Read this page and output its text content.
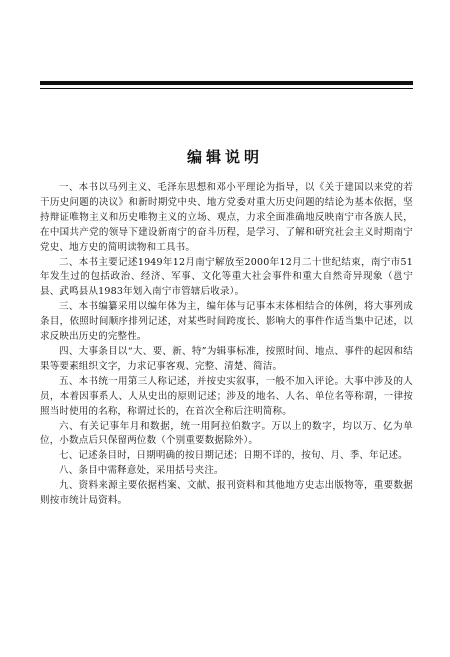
编辑说明

一、本书以马列主义、毛泽东思想和邓小平理论为指导，以《关于建国以来党的若干历史问题的决议》和新时期党中央、地方党委对重大历史问题的结论为基本依据，坚持辩证唯物主义和历史唯物主义的立场、观点，力求全面准确地反映南宁市各族人民，在中国共产党的领导下建设新南宁的奋斗历程，是学习、了解和研究社会主义时期南宁党史、地方史的简明读物和工具书。

二、本书主要记述1949年12月南宁解放至2000年12月二十世纪结束，南宁市51年发生过的包括政治、经济、军事、文化等重大社会事件和重大自然奇异现象（邕宁县、武鸣县从1983年划入南宁市管辖后收录）。

三、本书编纂采用以编年体为主，编年体与记事本末体相结合的体例，将大事列成条目，依照时间顺序排列记述，对某些时间跨度长、影响大的事件作适当集中记述，以求反映出历史的完整性。

四、大事条目以“大、要、新、特”为辑事标准，按照时间、地点、事件的起因和结果等要素组织文字，力求记事客观、完整、清楚、简洁。

五、本书统一用第三人称记述，并按史实叙事，一般不加入评论。大事中涉及的人员，本着因事系人、人从史出的原则记述；涉及的地名、人名、单位名等称谓，一律按照当时使用的名称，称谓过长的，在首次全称后注明简称。

六、有关记事年月和数据，统一用阿拉伯数字。万以上的数字，均以万、亿为单位，小数点后只保留两位数（个别重要数据除外）。

七、记述条目时，日期明确的按日期记述；日期不详的，按旬、月、季、年记述。

八、条目中需释意处，采用括号夹注。

九、资料来源主要依据档案、文献、报刊资料和其他地方史志出版物等，重要数据则按市统计局资料。
